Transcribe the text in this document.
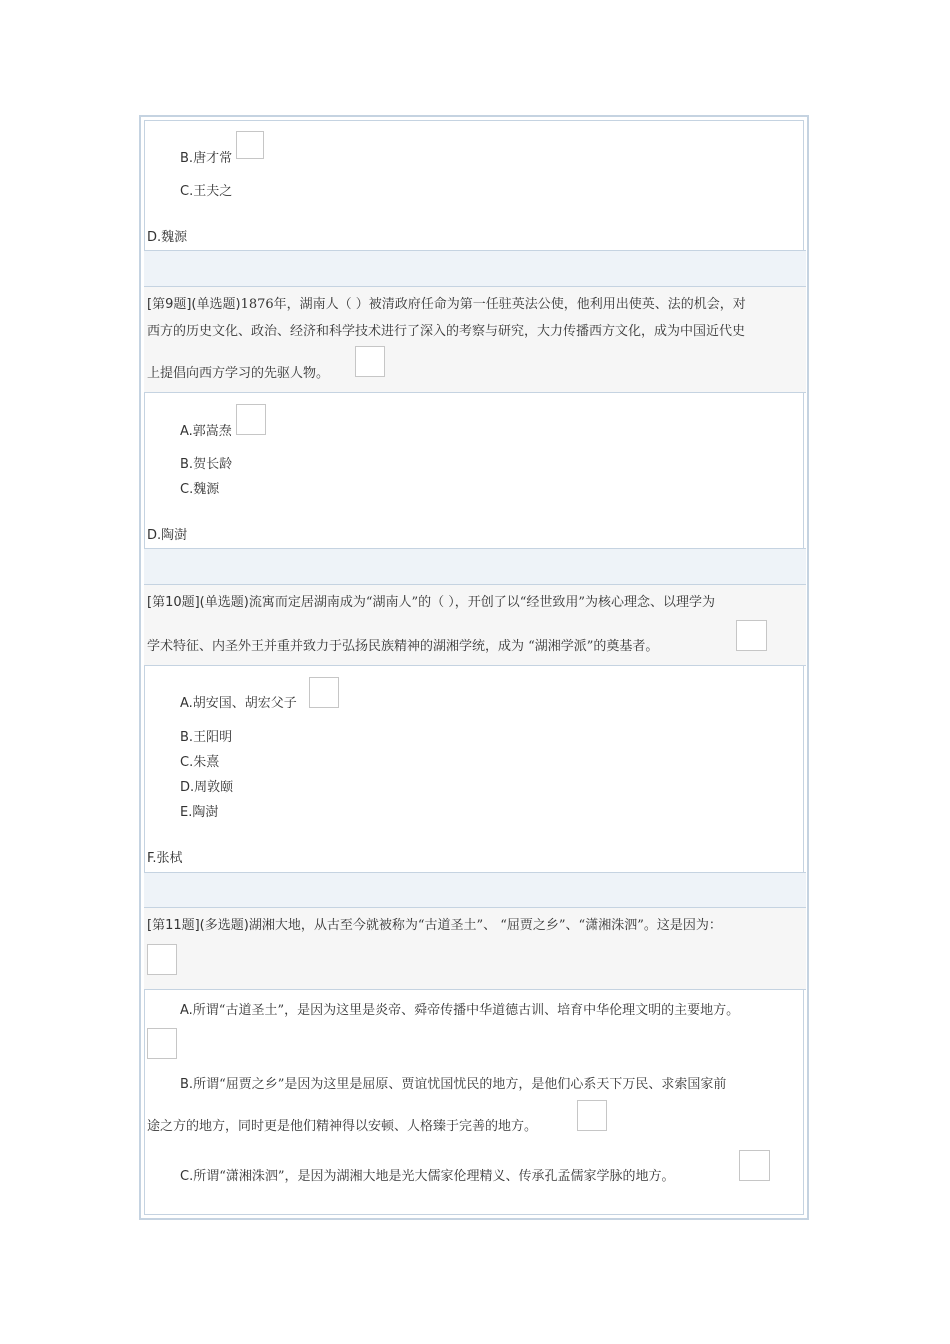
B.唐才常
C.王夫之
D.魏源
[第9题](单选题)1876年，湖南人（ ）被清政府任命为第一任驻英法公使，他利用出使英、法的机会，对
西方的历史文化、政治、经济和科学技术进行了深入的考察与研究，大力传播西方文化，成为中国近代史
上提倡向西方学习的先驱人物。
A.郭嵩焘
B.贺长龄
C.魏源
D.陶澍
[第10题](单选题)流寓而定居湖南成为“湖南人”的（ ），开创了以“经世致用”为核心理念、以理学为
学术特征、内圣外王并重并致力于弘扬民族精神的湖湘学统，成为 “湖湘学派”的奠基者。
A.胡安国、胡宏父子
B.王阳明
C.朱熹
D.周敦颐
E.陶澍
F.张栻
[第11题](多选题)湖湘大地，从古至今就被称为“古道圣土”、 “屈贾之乡”、“潇湘洙泗”。这是因为：
A.所谓“古道圣土”，是因为这里是炎帝、舜帝传播中华道德古训、培育中华伦理文明的主要地方。
B.所谓“屈贾之乡”是因为这里是屈原、贾谊忧国忧民的地方，是他们心系天下万民、求索国家前
途之方的地方，同时更是他们精神得以安顿、人格臻于完善的地方。
C.所谓“潇湘洙泗”，是因为湖湘大地是光大儒家伦理精义、传承孔孟儒家学脉的地方。
